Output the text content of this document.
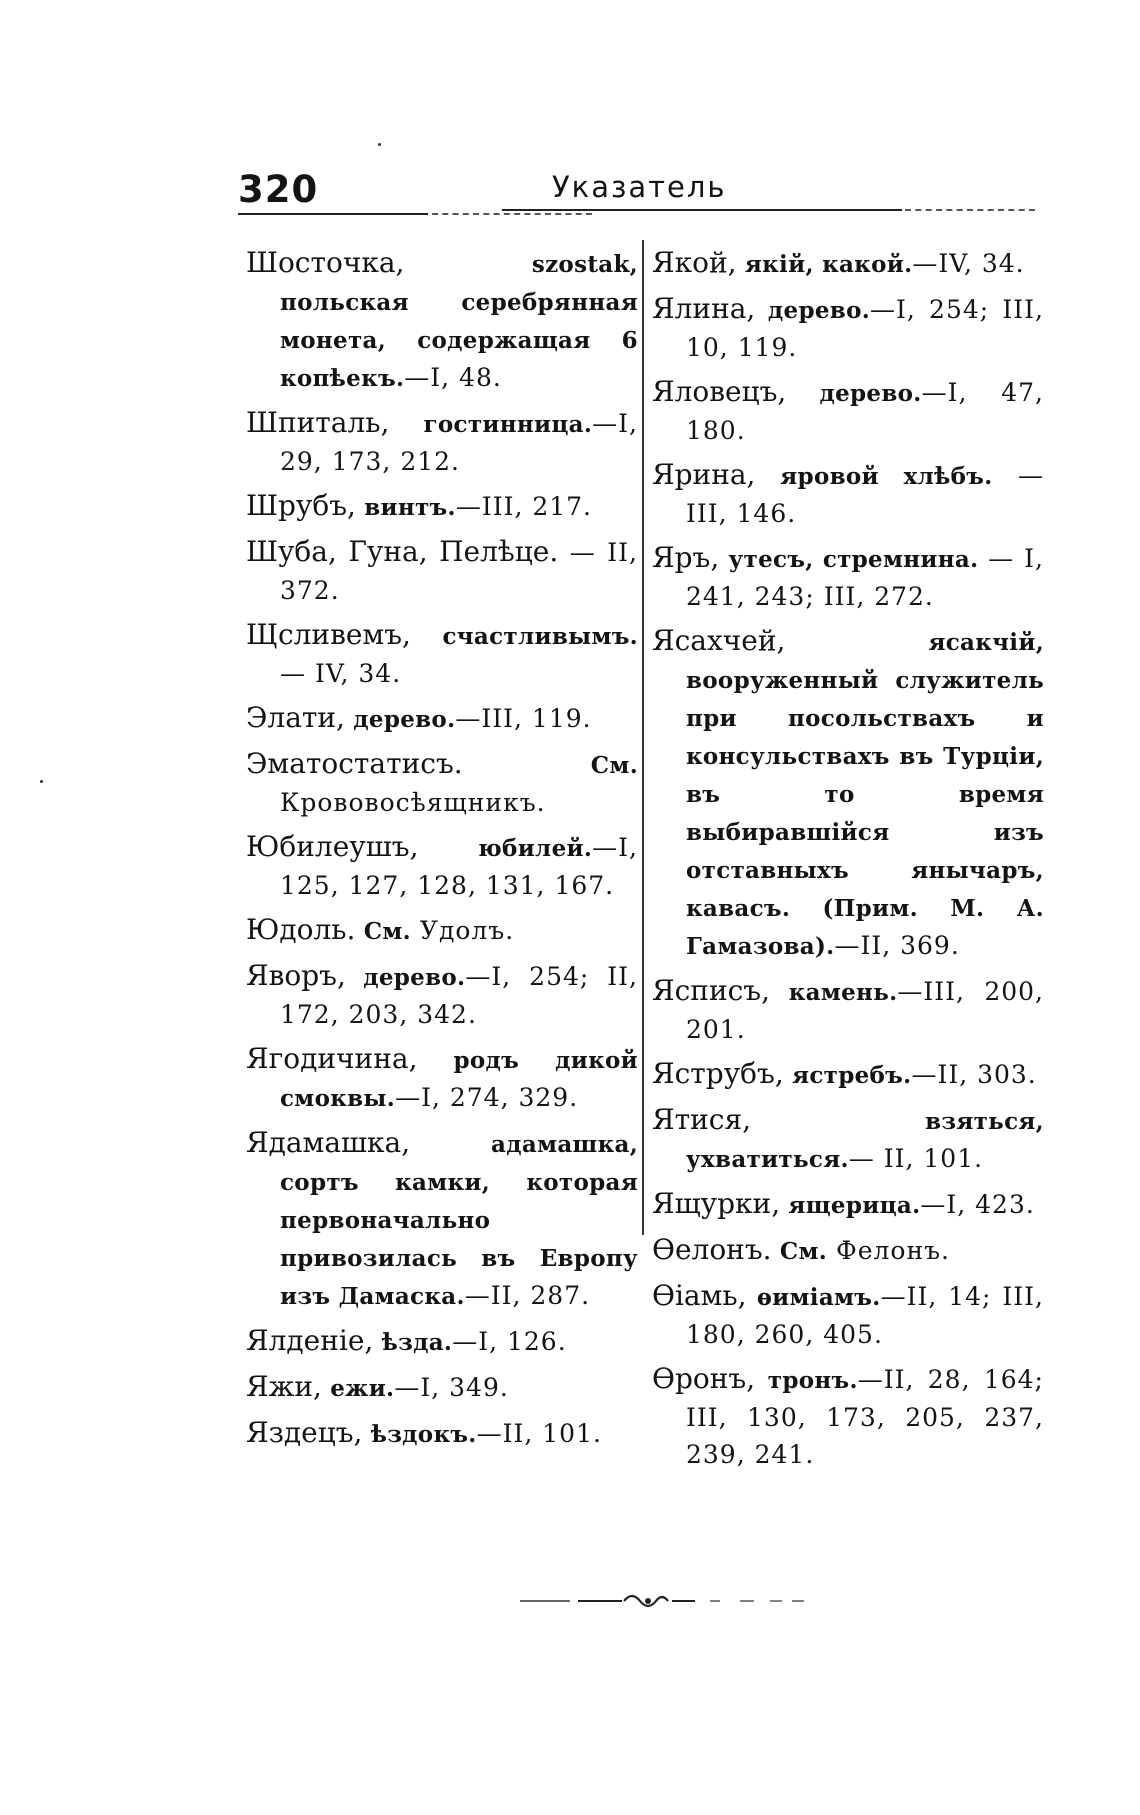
320	Указатель
Шосточка, szostak, польская серебрянная монета, содержащая 6 копѣекъ.—I, 48.
Шпиталь, гостинница.—I, 29, 173, 212.
Шрубъ, винтъ.—III, 217.
Шуба, Гуна, Пелѣце. — II, 372.
Щсливемъ, счастливымъ. — IV, 34.
Элати, дерево.—III, 119.
Эматостатисъ. См. Крововосѣящникъ.
Юбилеушъ, юбилей.—I, 125, 127, 128, 131, 167.
Юдоль. См. Удолъ.
Яворъ, дерево.—I, 254; II, 172, 203, 342.
Ягодичина, родъ дикой смоквы.—I, 274, 329.
Ядамашка, адамашка, сортъ камки, которая первоначально привозилась въ Европу изъ Дамаска.—II, 287.
Ялденіе, ѣзда.—I, 126.
Яжи, ежи.—I, 349.
Яздецъ, ѣздокъ.—II, 101.
Якой, якій, какой.—IV, 34.
Ялина, дерево.—I, 254; III, 10, 119.
Яловецъ, дерево.—I, 47, 180.
Ярина, яровой хлѣбъ. — III, 146.
Яръ, утесъ, стремнина. — I, 241, 243; III, 272.
Ясахчей, ясакчій, вооруженный служитель при посольствахъ и консульствахъ въ Турціи, въ то время выбиравшійся изъ отставныхъ янычаръ, кавасъ. (Прим. М. А. Гамазова).—II, 369.
Ясписъ, камень.—III, 200, 201.
Яструбъ, ястребъ.—II, 303.
Ятися, взяться, ухватиться.— II, 101.
Ящурки, ящерица.—I, 423.
Ѳелонъ. См. Фелонъ.
Ѳіамь, ѳиміамъ.—II, 14; III, 180, 260, 405.
Ѳронъ, тронъ.—II, 28, 164; III, 130, 173, 205, 237, 239, 241.
